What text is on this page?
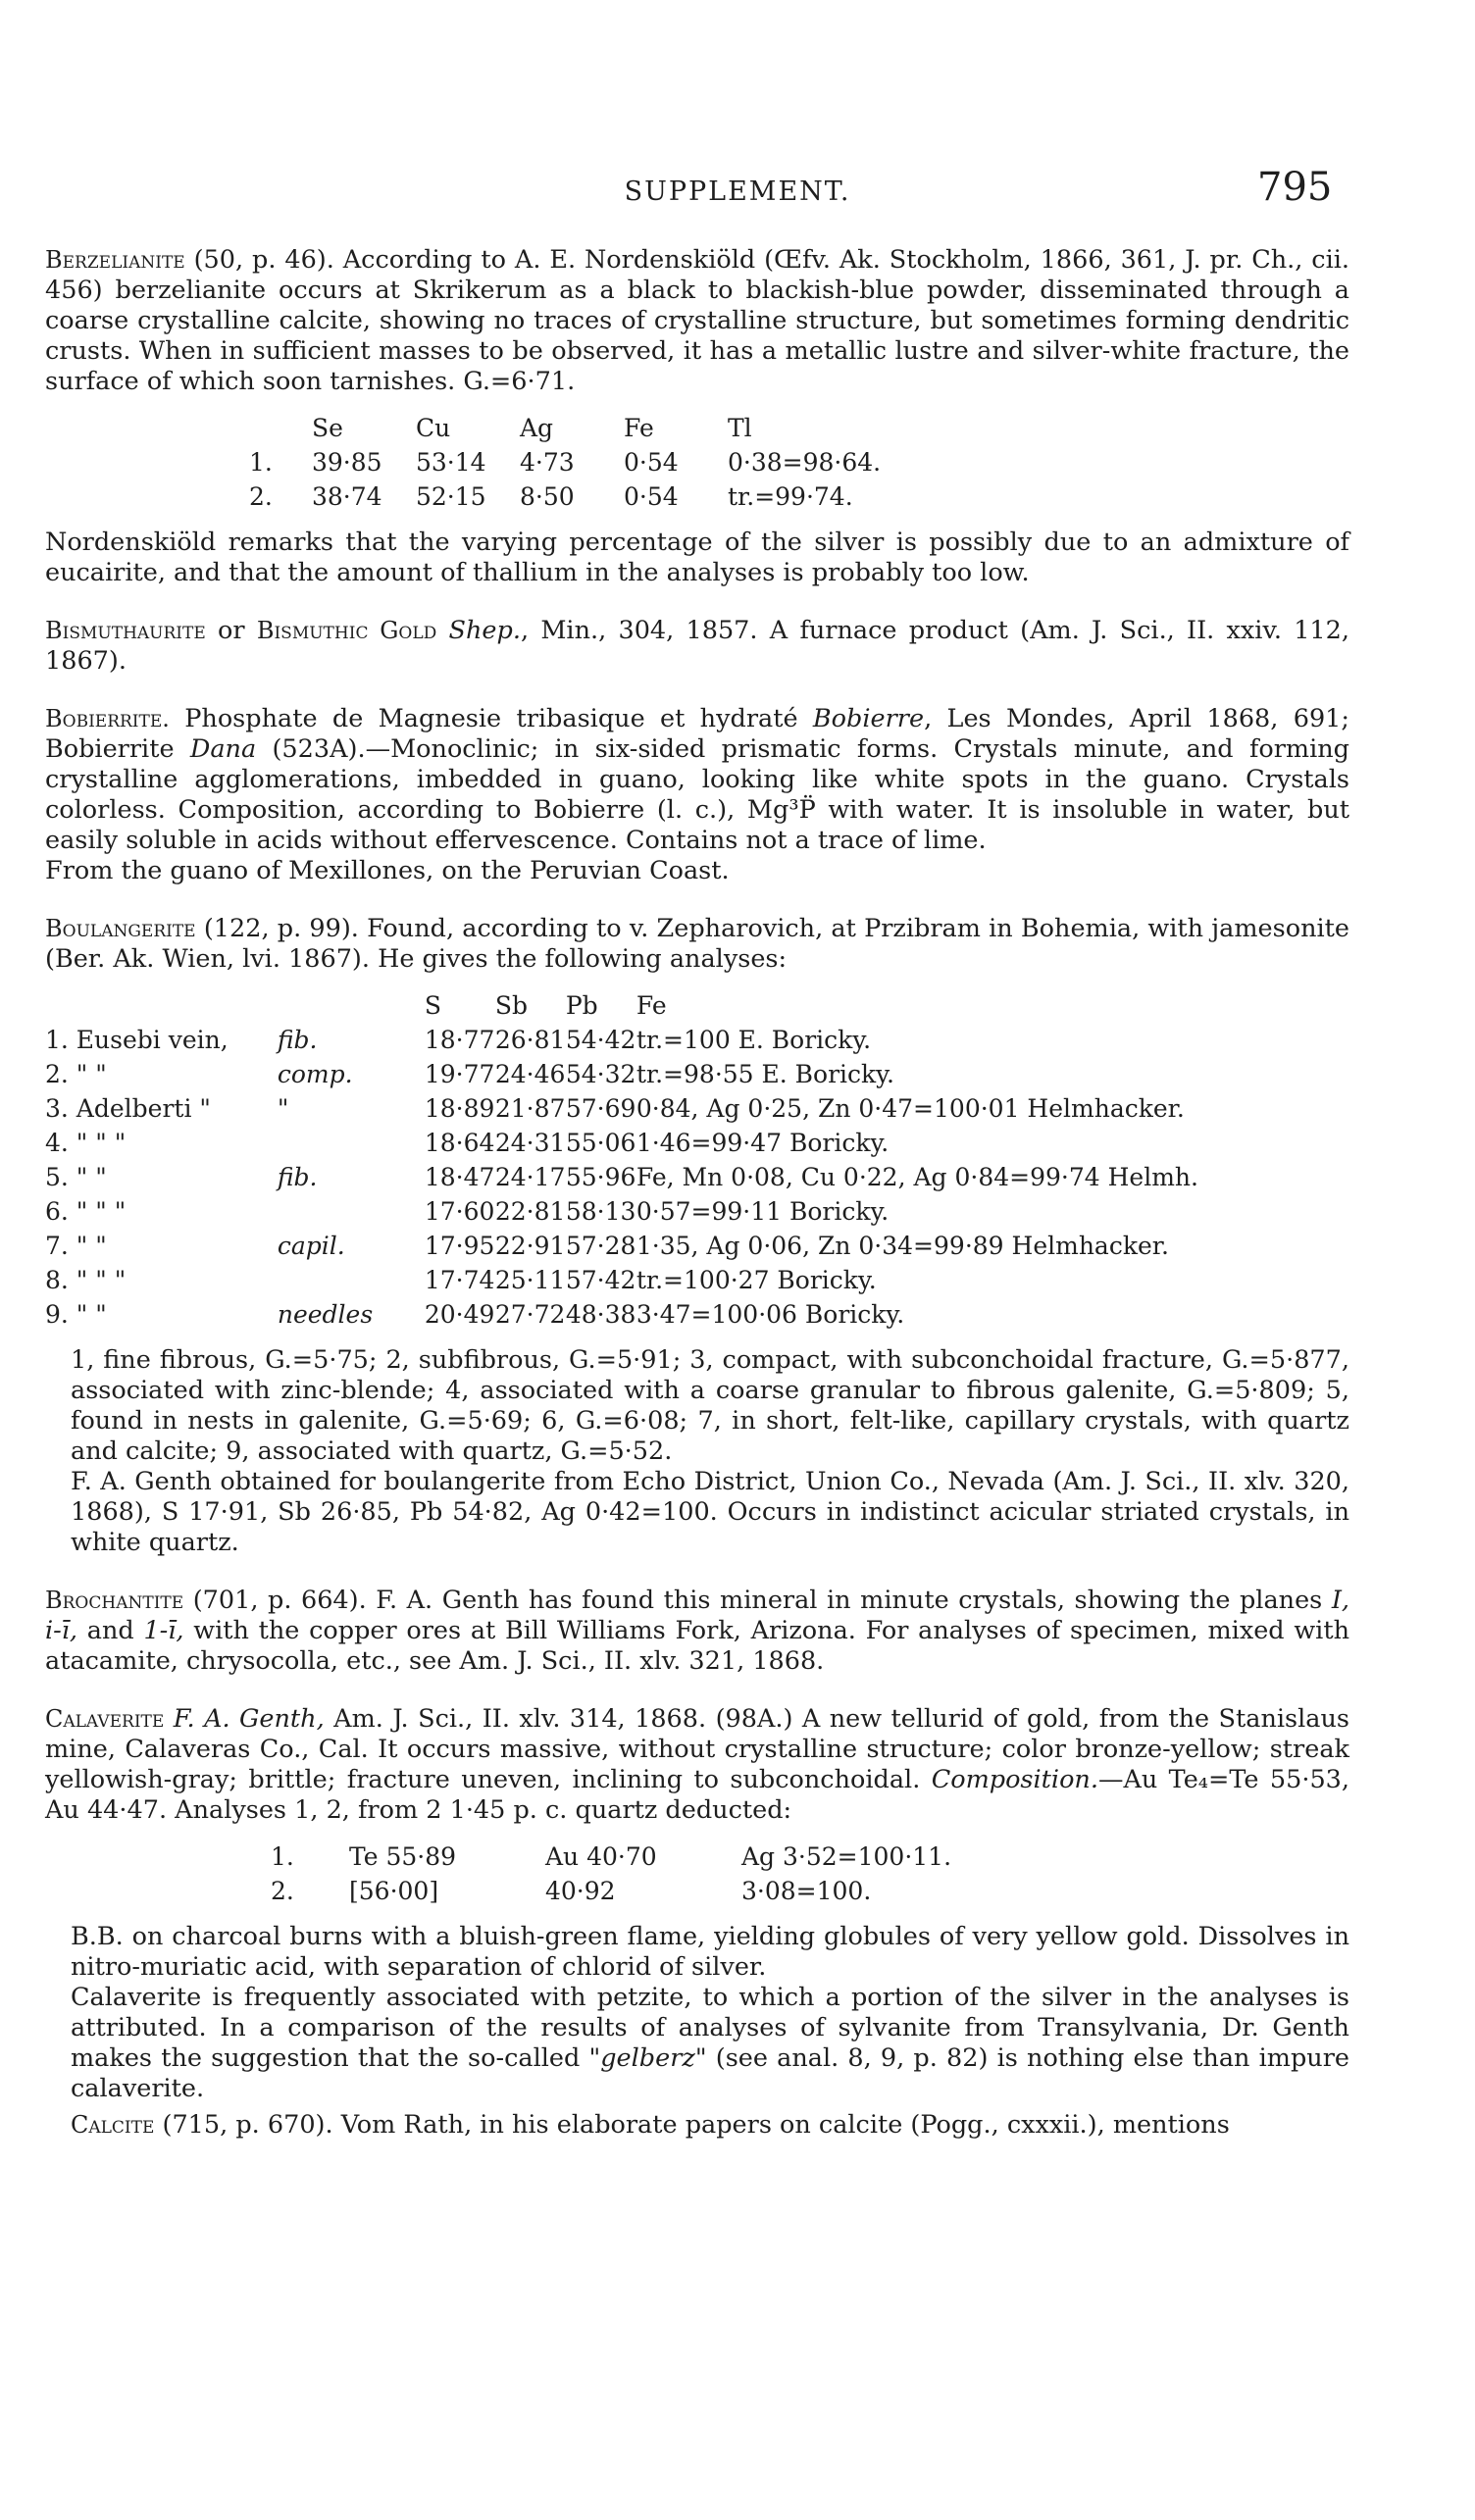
SUPPLEMENT.	795

Berzelianite (50, p. 46). According to A. E. Nordenskiöld (Œfv. Ak. Stockholm, 1866, 361, J. pr. Ch., cii. 456) berzelianite occurs at Skrikerum as a black to blackish-blue powder, disseminated through a coarse crystalline calcite, showing no traces of crystalline structure, but sometimes forming dendritic crusts. When in sufficient masses to be observed, it has a metallic lustre and silver-white fracture, the surface of which soon tarnishes. G.=6·71.

	Se	Cu	Ag	Fe	Tl
1.	39·85	53·14	4·73	0·54	0·38=98·64.
2.	38·74	52·15	8·50	0·54	tr.=99·74.

Nordenskiöld remarks that the varying percentage of the silver is possibly due to an admixture of eucairite, and that the amount of thallium in the analyses is probably too low.

Bismuthaurite or Bismuthic Gold Shep., Min., 304, 1857. A furnace product (Am. J. Sci., II. xxiv. 112, 1867).

Bobierrite. Phosphate de Magnesie tribasique et hydraté Bobierre, Les Mondes, April 1868, 691; Bobierrite Dana (523A).—Monoclinic; in six-sided prismatic forms. Crystals minute, and forming crystalline agglomerations, imbedded in guano, looking like white spots in the guano. Crystals colorless. Composition, according to Bobierre (l. c.), Mg³P̈ with water. It is insoluble in water, but easily soluble in acids without effervescence. Contains not a trace of lime.

From the guano of Mexillones, on the Peruvian Coast.

Boulangerite (122, p. 99). Found, according to v. Zepharovich, at Przibram in Bohemia, with jamesonite (Ber. Ak. Wien, lvi. 1867). He gives the following analyses:

		S	Sb	Pb	Fe
1. Eusebi vein,	fib.	18·77	26·81	54·42	tr.=100 E. Boricky.
2. " "	comp.	19·77	24·46	54·32	tr.=98·55 E. Boricky.
3. Adelberti "	"	18·89	21·87	57·69	0·84, Ag 0·25, Zn 0·47=100·01 Helmhacker.
4. " " "		18·64	24·31	55·06	1·46=99·47 Boricky.
5. " "	fib.	18·47	24·17	55·96	Fe, Mn 0·08, Cu 0·22, Ag 0·84=99·74 Helmh.
6. " " "		17·60	22·81	58·13	0·57=99·11 Boricky.
7. " "	capil.	17·95	22·91	57·28	1·35, Ag 0·06, Zn 0·34=99·89 Helmhacker.
8. " " "		17·74	25·11	57·42	tr.=100·27 Boricky.
9. " "	needles	20·49	27·72	48·38	3·47=100·06 Boricky.

1, fine fibrous, G.=5·75; 2, subfibrous, G.=5·91; 3, compact, with subconchoidal fracture, G.=5·877, associated with zinc-blende; 4, associated with a coarse granular to fibrous galenite, G.=5·809; 5, found in nests in galenite, G.=5·69; 6, G.=6·08; 7, in short, felt-like, capillary crystals, with quartz and calcite; 9, associated with quartz, G.=5·52.

F. A. Genth obtained for boulangerite from Echo District, Union Co., Nevada (Am. J. Sci., II. xlv. 320, 1868), S 17·91, Sb 26·85, Pb 54·82, Ag 0·42=100. Occurs in indistinct acicular striated crystals, in white quartz.

Brochantite (701, p. 664). F. A. Genth has found this mineral in minute crystals, showing the planes I, i-ī, and 1-ī, with the copper ores at Bill Williams Fork, Arizona. For analyses of specimen, mixed with atacamite, chrysocolla, etc., see Am. J. Sci., II. xlv. 321, 1868.

Calaverite F. A. Genth, Am. J. Sci., II. xlv. 314, 1868. (98A.) A new tellurid of gold, from the Stanislaus mine, Calaveras Co., Cal. It occurs massive, without crystalline structure; color bronze-yellow; streak yellowish-gray; brittle; fracture uneven, inclining to subconchoidal. Composition.—Au Te₄=Te 55·53, Au 44·47. Analyses 1, 2, from 2 1·45 p. c. quartz deducted:

1.	Te 55·89	Au 40·70	Ag 3·52=100·11.
2.	[56·00]	40·92	3·08=100.

B.B. on charcoal burns with a bluish-green flame, yielding globules of very yellow gold. Dissolves in nitro-muriatic acid, with separation of chlorid of silver.

Calaverite is frequently associated with petzite, to which a portion of the silver in the analyses is attributed. In a comparison of the results of analyses of sylvanite from Transylvania, Dr. Genth makes the suggestion that the so-called "gelberz" (see anal. 8, 9, p. 82) is nothing else than impure calaverite.

Calcite (715, p. 670). Vom Rath, in his elaborate papers on calcite (Pogg., cxxxii.), mentions
